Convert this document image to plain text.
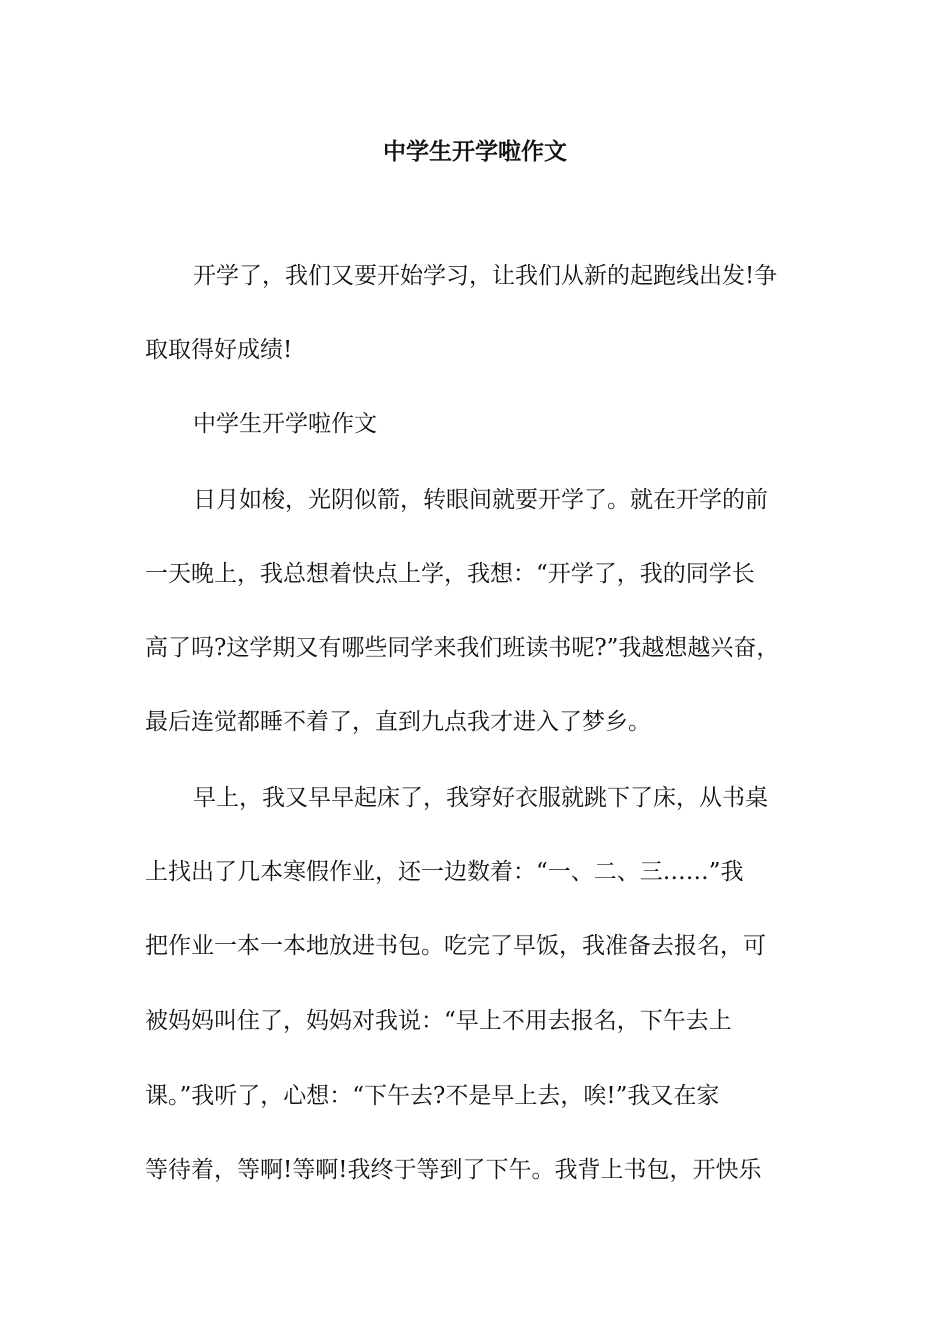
中学生开学啦作文
开学了，我们又要开始学习，让我们从新的起跑线出发!争
取取得好成绩!
中学生开学啦作文
日月如梭，光阴似箭，转眼间就要开学了。就在开学的前
一天晚上，我总想着快点上学，我想：“开学了，我的同学长
高了吗?这学期又有哪些同学来我们班读书呢?”我越想越兴奋，
最后连觉都睡不着了，直到九点我才进入了梦乡。
早上，我又早早起床了，我穿好衣服就跳下了床，从书桌
上找出了几本寒假作业，还一边数着：“一、二、三……”我
把作业一本一本地放进书包。吃完了早饭，我准备去报名，可
被妈妈叫住了，妈妈对我说：“早上不用去报名，下午去上
课。”我听了，心想：“下午去?不是早上去，唉!”我又在家
等待着，等啊!等啊!我终于等到了下午。我背上书包，开快乐
